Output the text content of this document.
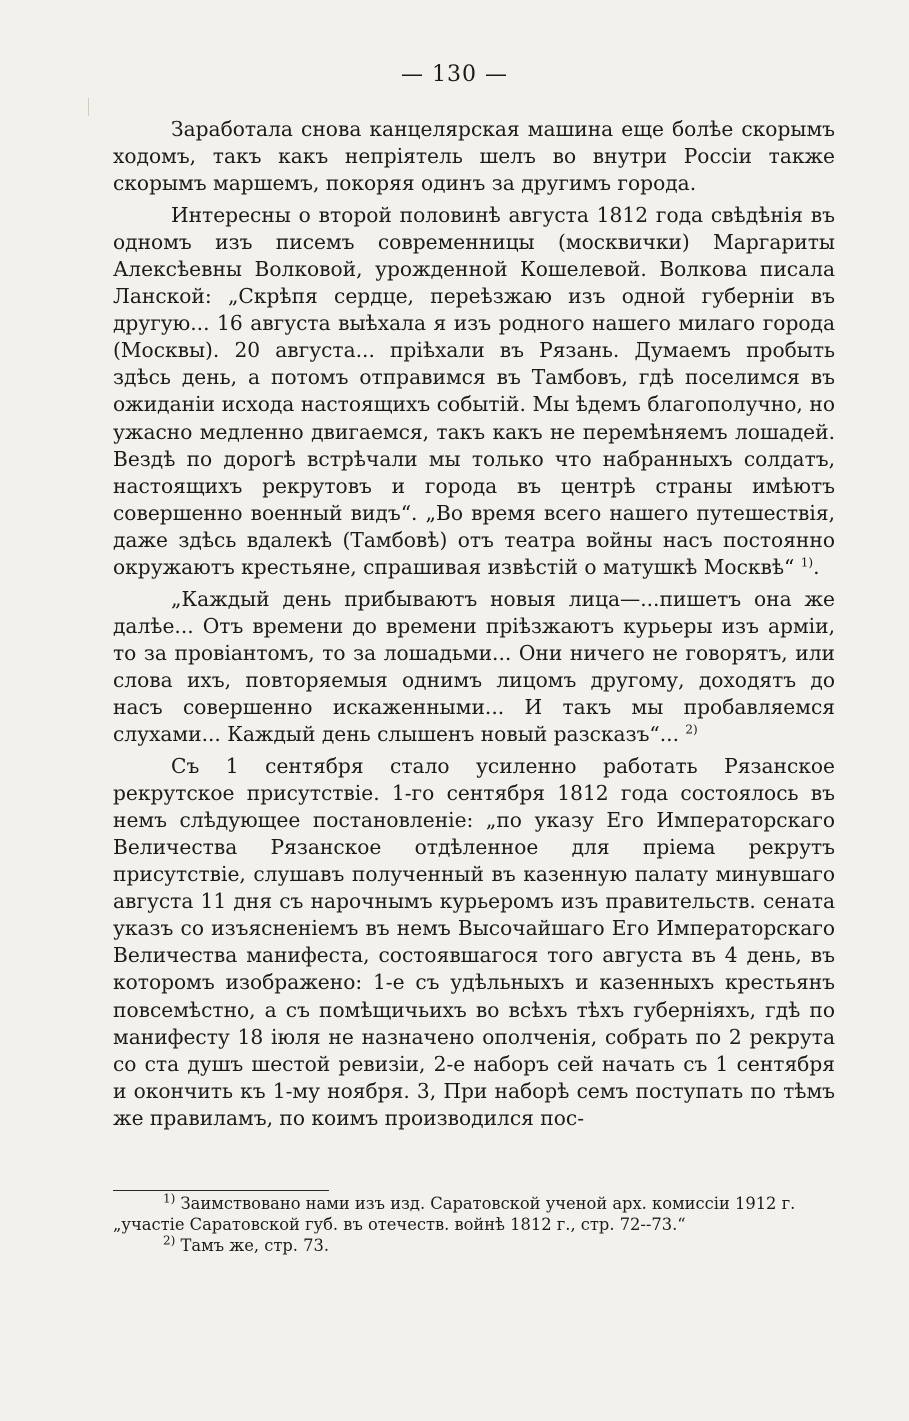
— 130 —

Заработала снова канцелярская машина еще болѣе скорымъ ходомъ, такъ какъ непріятель шелъ во внутри Россіи также скорымъ маршемъ, покоряя одинъ за другимъ города.

Интересны о второй половинѣ августа 1812 года свѣдѣнія въ одномъ изъ писемъ современницы (москвички) Маргариты Алексѣевны Волковой, урожденной Кошелевой. Волкова писала Ланской: „Скрѣпя сердце, переѣзжаю изъ одной губерніи въ другую... 16 августа выѣхала я изъ родного нашего милаго города (Москвы). 20 августа... пріѣхали въ Рязань. Думаемъ пробыть здѣсь день, а потомъ отправимся въ Тамбовъ, гдѣ поселимся въ ожиданіи исхода настоящихъ событій. Мы ѣдемъ благополучно, но ужасно медленно двигаемся, такъ какъ не перемѣняемъ лошадей. Вездѣ по дорогѣ встрѣчали мы только что набранныхъ солдатъ, настоящихъ рекрутовъ и города въ центрѣ страны имѣютъ совершенно военный видъ“. „Во время всего нашего путешествія, даже здѣсь вдалекѣ (Тамбовѣ) отъ театра войны насъ постоянно окружаютъ крестьяне, спрашивая извѣстій о матушкѣ Москвѣ“ $^{1)}$.

„Каждый день прибываютъ новыя лица—...пишетъ она же далѣе... Отъ времени до времени пріѣзжаютъ курьеры изъ арміи, то за провіантомъ, то за лошадьми... Они ничего не говорятъ, или слова ихъ, повторяемыя однимъ лицомъ другому, доходятъ до насъ совершенно искаженными... И такъ мы пробавляемся слухами... Каждый день слышенъ новый разсказъ“... $^{2)}$

Съ 1 сентября стало усиленно работать Рязанское рекрутское присутствіе. 1-го сентября 1812 года состоялось въ немъ слѣдующее постановленіе: „по указу Его Императорскаго Величества Рязанское отдѣленное для пріема рекрутъ присутствіе, слушавъ полученный въ казенную палату минувшаго августа 11 дня съ нарочнымъ курьеромъ изъ правительств. сената указъ со изъясненіемъ въ немъ Высочайшаго Его Императорскаго Величества манифеста, состоявшагося того августа въ 4 день, въ которомъ изображено: 1-е съ удѣльныхъ и казенныхъ крестьянъ повсемѣстно, а съ помѣщичьихъ во всѣхъ тѣхъ губерніяхъ, гдѣ по манифесту 18 іюля не назначено ополченія, собрать по 2 рекрута со ста душъ шестой ревизіи, 2-е наборъ сей начать съ 1 сентября и окончить къ 1-му ноября. 3, При наборѣ семъ поступать по тѣмъ же правиламъ, по коимъ производился пос-

$^{1)}$ Заимствовано нами изъ изд. Саратовской ученой арх. комиссіи 1912 г.

„участіе Саратовской губ. въ отечеств. войнѣ 1812 г., стр. 72--73.“

$^{2)}$ Тамъ же, стр. 73.
